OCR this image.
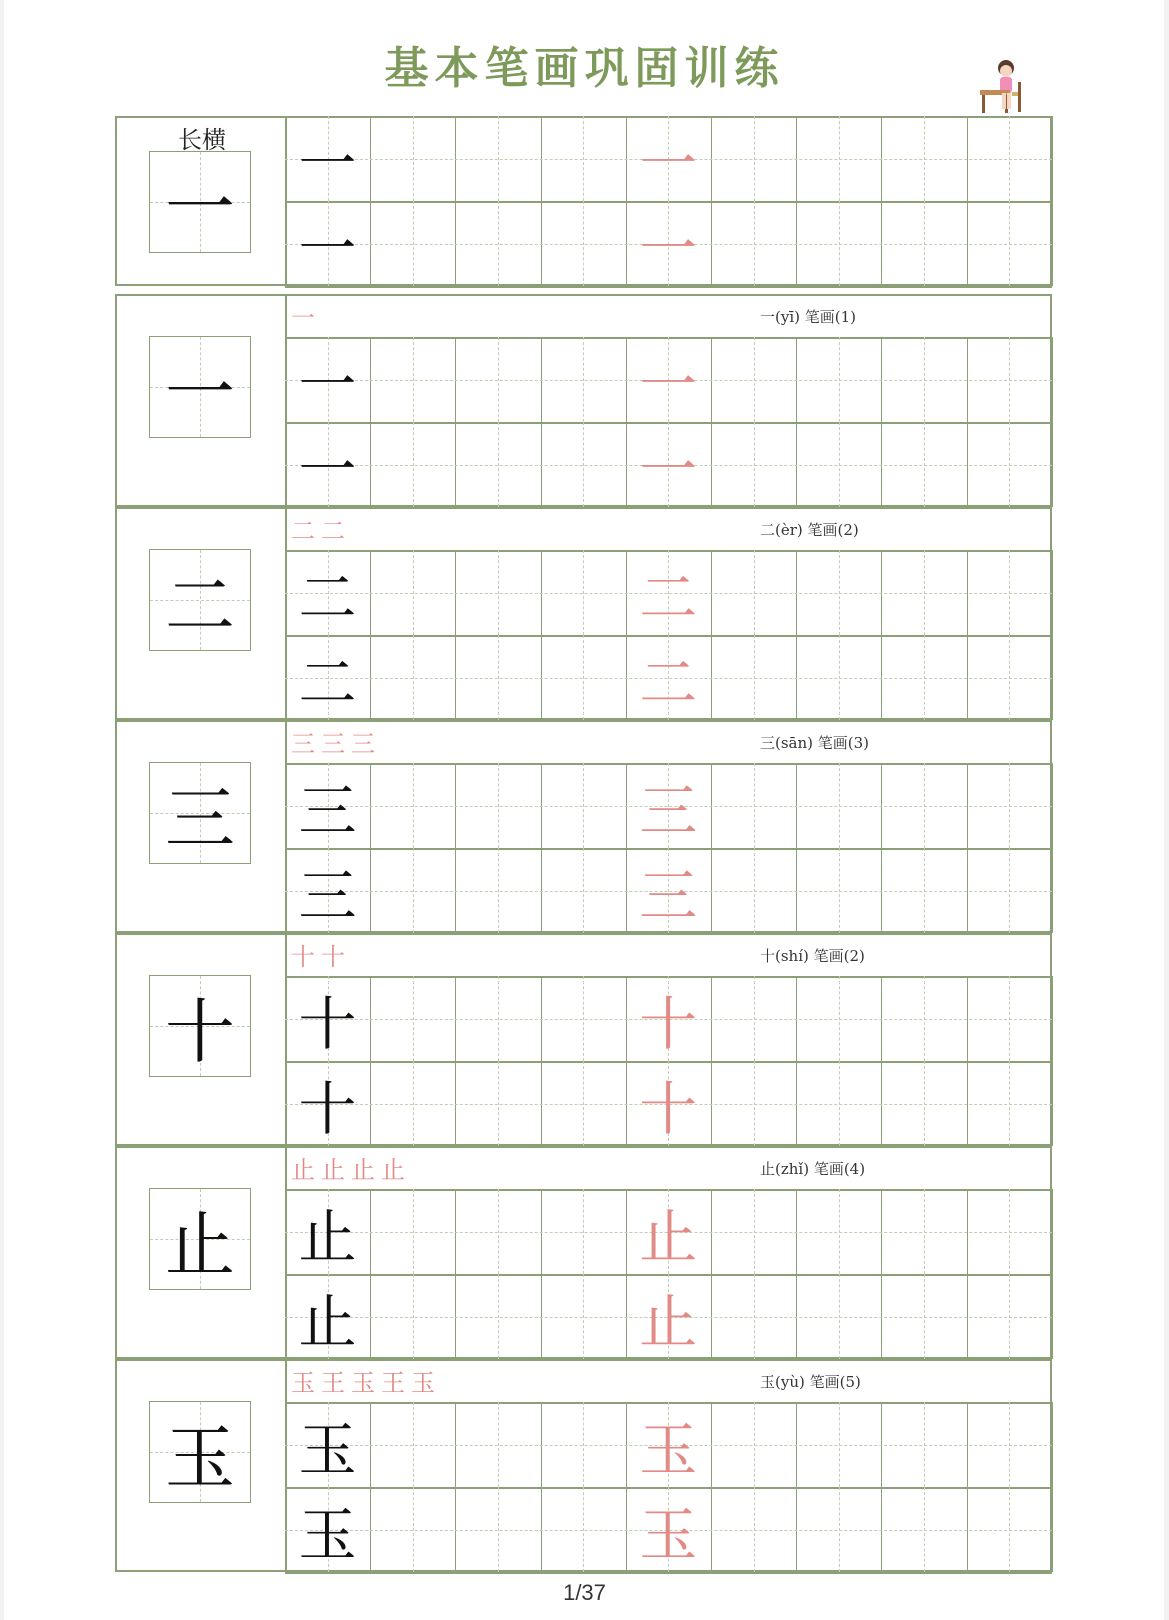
基本笔画巩固训练
长横
一
一	一
一	一
一
一	一(yī) 笔画(1)
一	一
一	一
二
二二	二(èr) 笔画(2)
二	二
二	二
三
三三三	三(sān) 笔画(3)
三	三
三	三
十
十十	十(shí) 笔画(2)
十	十
十	十
止
止止止止	止(zhǐ) 笔画(4)
止	止
止	止
玉
玉王玉王玉	玉(yù) 笔画(5)
玉	玉
玉	玉
1/37
